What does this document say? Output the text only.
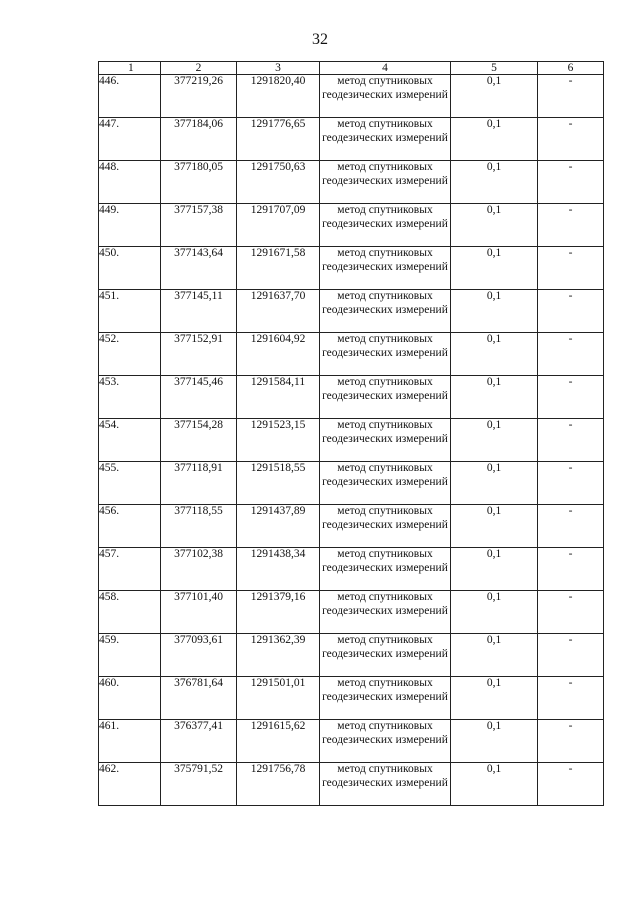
32
1	2	3	4	5	6
446.	377219,26	1291820,40	метод спутниковых геодезических измерений	0,1	-
447.	377184,06	1291776,65	метод спутниковых геодезических измерений	0,1	-
448.	377180,05	1291750,63	метод спутниковых геодезических измерений	0,1	-
449.	377157,38	1291707,09	метод спутниковых геодезических измерений	0,1	-
450.	377143,64	1291671,58	метод спутниковых геодезических измерений	0,1	-
451.	377145,11	1291637,70	метод спутниковых геодезических измерений	0,1	-
452.	377152,91	1291604,92	метод спутниковых геодезических измерений	0,1	-
453.	377145,46	1291584,11	метод спутниковых геодезических измерений	0,1	-
454.	377154,28	1291523,15	метод спутниковых геодезических измерений	0,1	-
455.	377118,91	1291518,55	метод спутниковых геодезических измерений	0,1	-
456.	377118,55	1291437,89	метод спутниковых геодезических измерений	0,1	-
457.	377102,38	1291438,34	метод спутниковых геодезических измерений	0,1	-
458.	377101,40	1291379,16	метод спутниковых геодезических измерений	0,1	-
459.	377093,61	1291362,39	метод спутниковых геодезических измерений	0,1	-
460.	376781,64	1291501,01	метод спутниковых геодезических измерений	0,1	-
461.	376377,41	1291615,62	метод спутниковых геодезических измерений	0,1	-
462.	375791,52	1291756,78	метод спутниковых геодезических измерений	0,1	-
